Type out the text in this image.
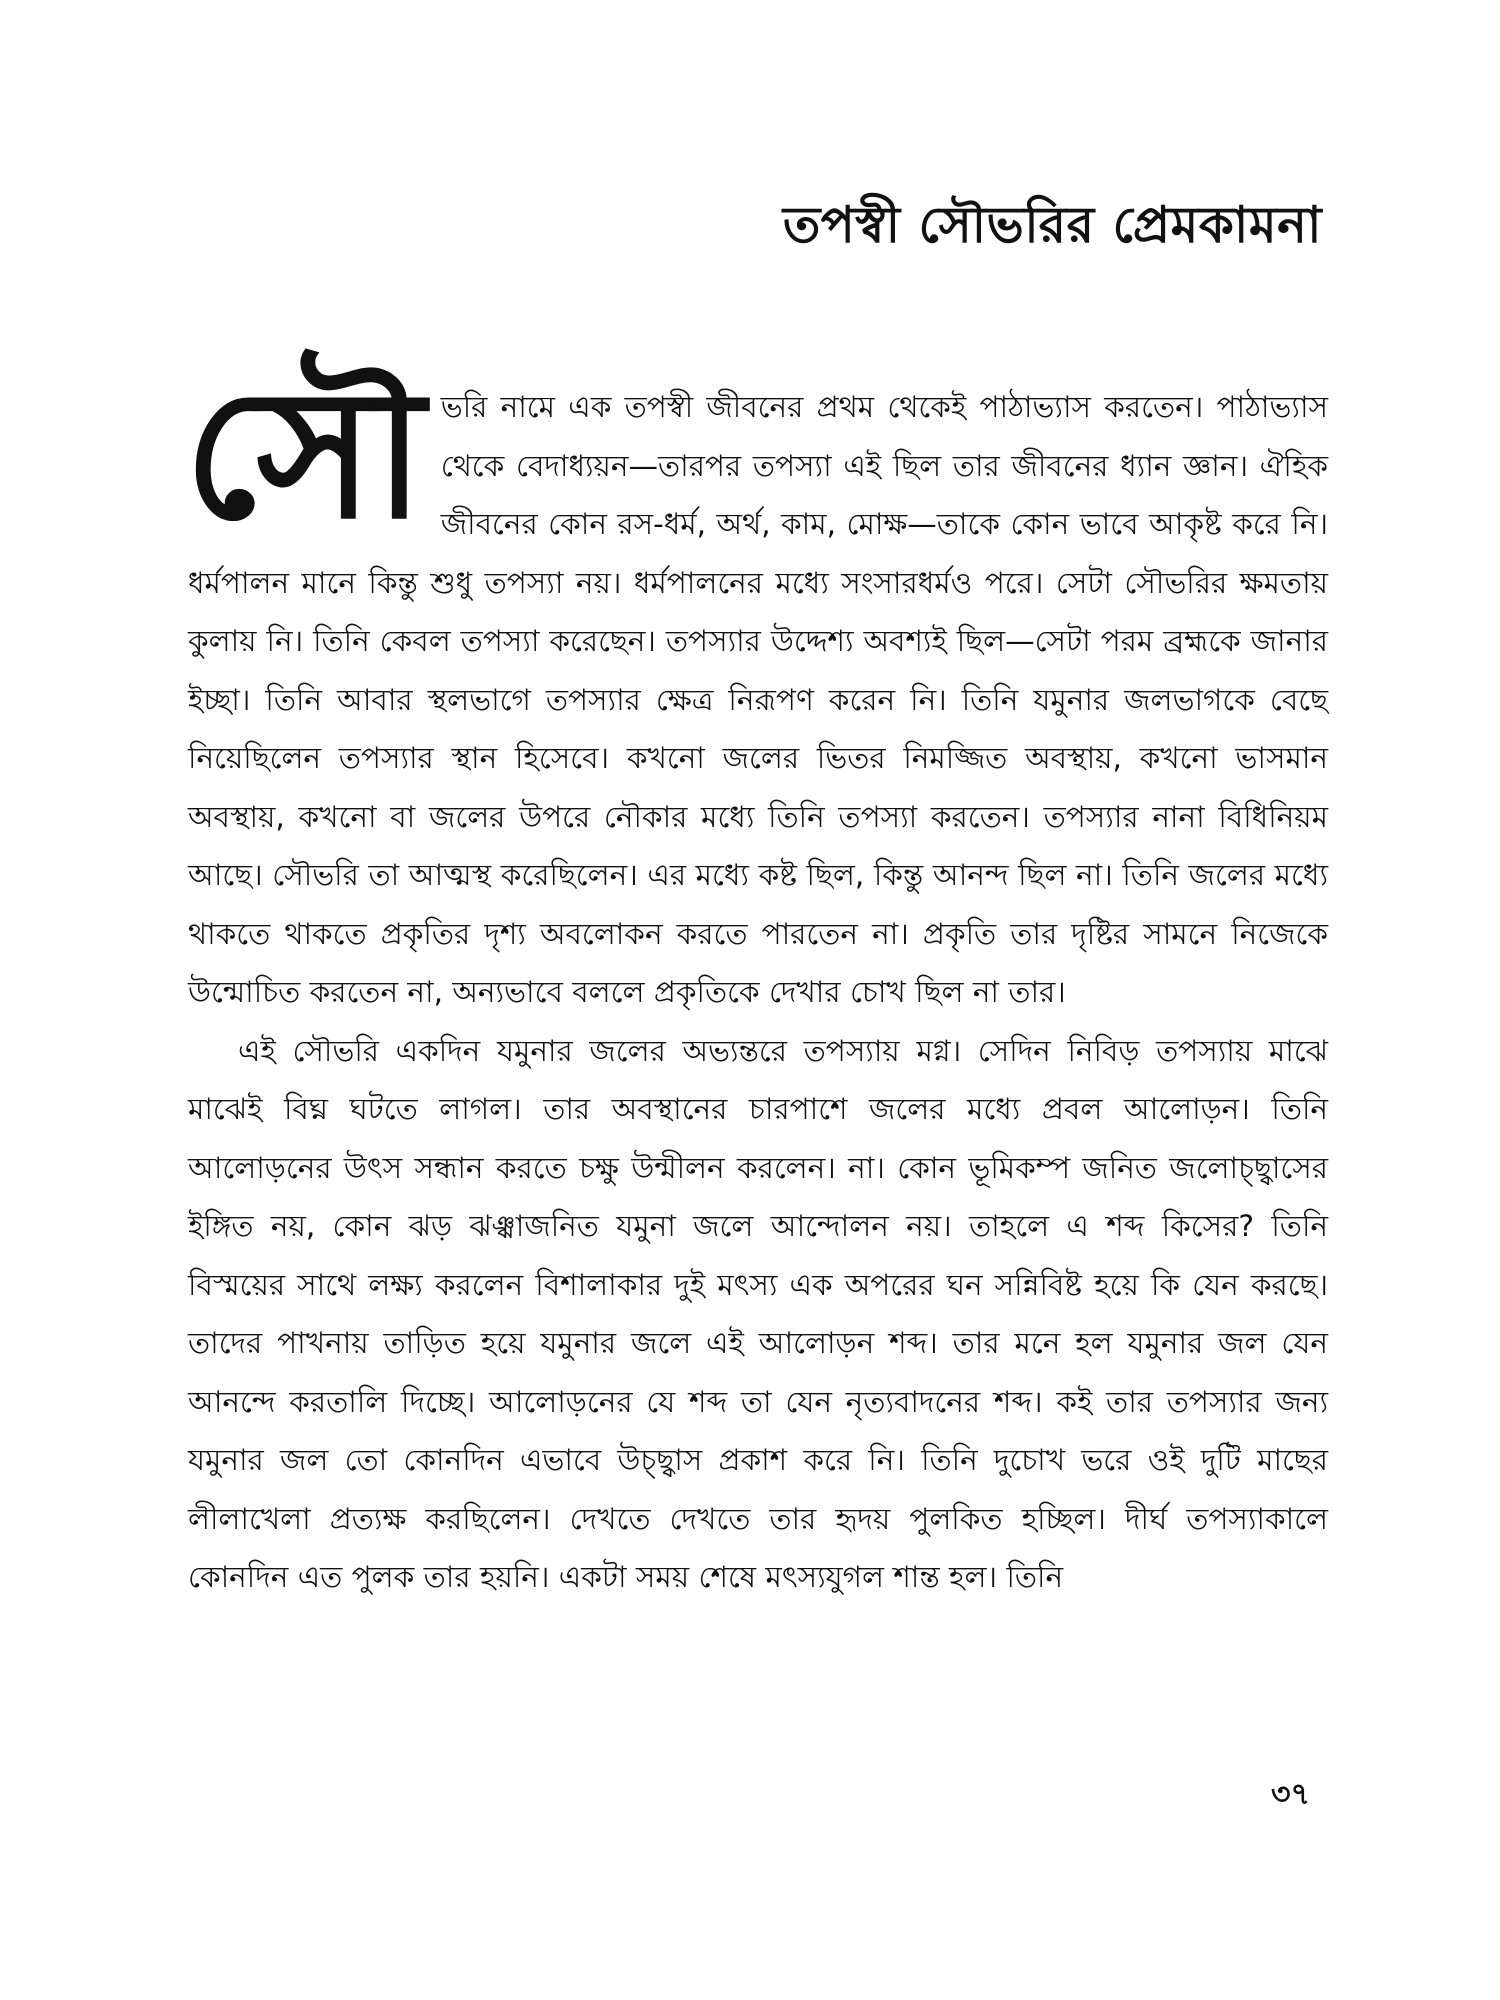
তপস্বী সৌভরির প্রেমকামনা

সৌভরি নামে এক তপস্বী জীবনের প্রথম থেকেই পাঠাভ্যাস করতেন। পাঠাভ্যাস থেকে বেদাধ্যয়ন—তারপর তপস্যা এই ছিল তার জীবনের ধ্যান জ্ঞান। ঐহিক জীবনের কোন রস-ধর্ম, অর্থ, কাম, মোক্ষ—তাকে কোন ভাবে আকৃষ্ট করে নি। ধর্মপালন মানে কিন্তু শুধু তপস্যা নয়। ধর্মপালনের মধ্যে সংসারধর্মও পরে। সেটা সৌভরির ক্ষমতায় কুলায় নি। তিনি কেবল তপস্যা করেছেন। তপস্যার উদ্দেশ্য অবশ্যই ছিল—সেটা পরম ব্রহ্মকে জানার ইচ্ছা। তিনি আবার স্থলভাগে তপস্যার ক্ষেত্র নিরূপণ করেন নি। তিনি যমুনার জলভাগকে বেছে নিয়েছিলেন তপস্যার স্থান হিসেবে। কখনো জলের ভিতর নিমজ্জিত অবস্থায়, কখনো ভাসমান অবস্থায়, কখনো বা জলের উপরে নৌকার মধ্যে তিনি তপস্যা করতেন। তপস্যার নানা বিধিনিয়ম আছে। সৌভরি তা আত্মস্থ করেছিলেন। এর মধ্যে কষ্ট ছিল, কিন্তু আনন্দ ছিল না। তিনি জলের মধ্যে থাকতে থাকতে প্রকৃতির দৃশ্য অবলোকন করতে পারতেন না। প্রকৃতি তার দৃষ্টির সামনে নিজেকে উন্মোচিত করতেন না, অন্যভাবে বললে প্রকৃতিকে দেখার চোখ ছিল না তার।

এই সৌভরি একদিন যমুনার জলের অভ্যন্তরে তপস্যায় মগ্ন। সেদিন নিবিড় তপস্যায় মাঝে মাঝেই বিঘ্ন ঘটতে লাগল। তার অবস্থানের চারপাশে জলের মধ্যে প্রবল আলোড়ন। তিনি আলোড়নের উৎস সন্ধান করতে চক্ষু উন্মীলন করলেন। না। কোন ভূমিকম্প জনিত জলোচ্ছ্বাসের ইঙ্গিত নয়, কোন ঝড় ঝঞ্ঝাজনিত যমুনা জলে আন্দোলন নয়। তাহলে এ শব্দ কিসের? তিনি বিস্ময়ের সাথে লক্ষ্য করলেন বিশালাকার দুই মৎস্য এক অপরের ঘন সন্নিবিষ্ট হয়ে কি যেন করছে। তাদের পাখনায় তাড়িত হয়ে যমুনার জলে এই আলোড়ন শব্দ। তার মনে হল যমুনার জল যেন আনন্দে করতালি দিচ্ছে। আলোড়নের যে শব্দ তা যেন নৃত্যবাদনের শব্দ। কই তার তপস্যার জন্য যমুনার জল তো কোনদিন এভাবে উচ্ছ্বাস প্রকাশ করে নি। তিনি দুচোখ ভরে ওই দুটি মাছের লীলাখেলা প্রত্যক্ষ করছিলেন। দেখতে দেখতে তার হৃদয় পুলকিত হচ্ছিল। দীর্ঘ তপস্যাকালে কোনদিন এত পুলক তার হয়নি। একটা সময় শেষে মৎস্যযুগল শান্ত হল। তিনি

৩৭
